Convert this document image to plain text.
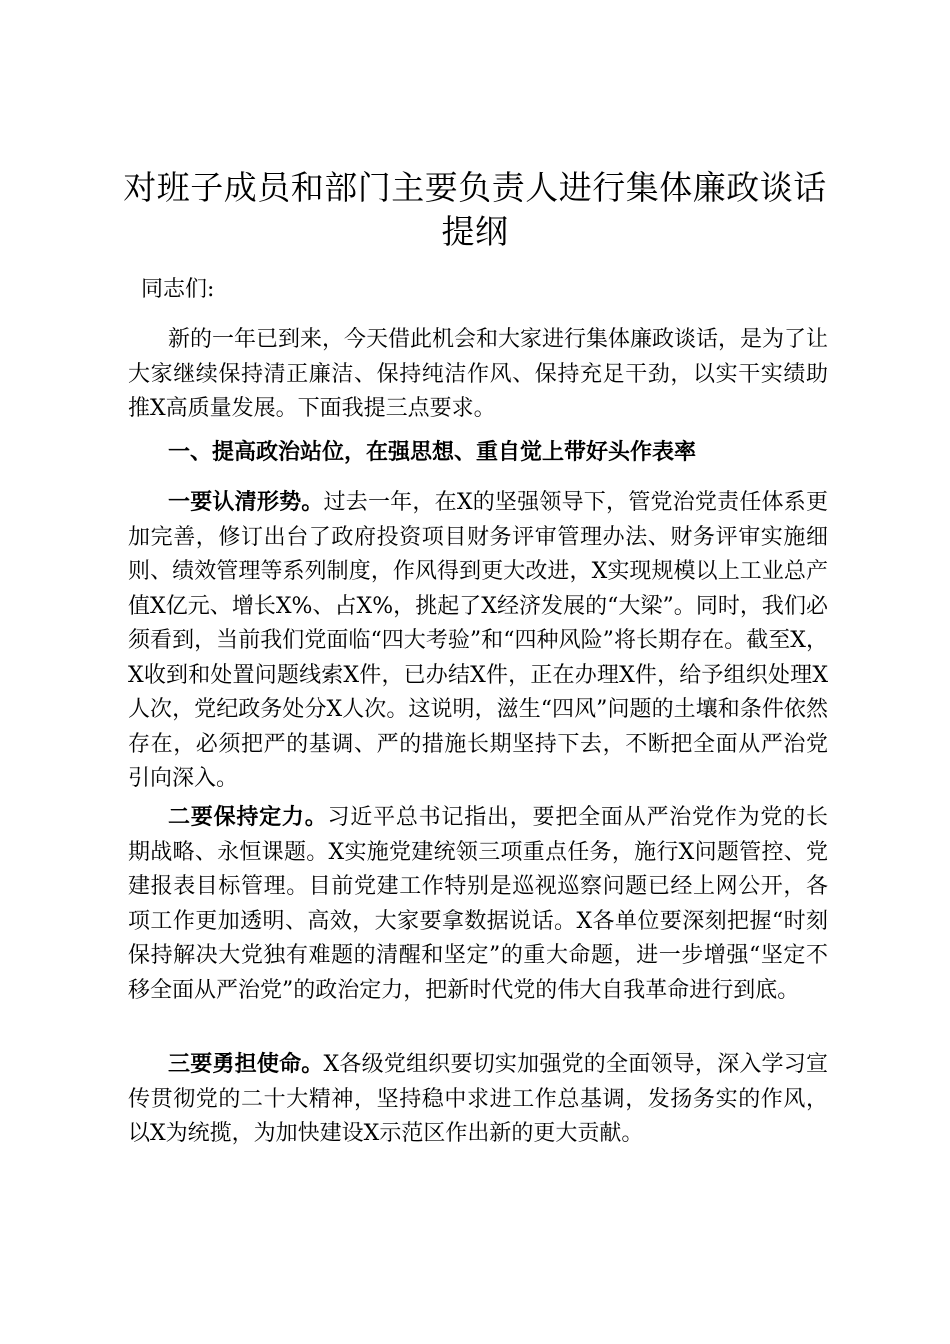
对班子成员和部门主要负责人进行集体廉政谈话提纲

同志们:

新的一年已到来，今天借此机会和大家进行集体廉政谈话，是为了让大家继续保持清正廉洁、保持纯洁作风、保持充足干劲，以实干实绩助推X高质量发展。下面我提三点要求。

一、提高政治站位，在强思想、重自觉上带好头作表率

一要认清形势。过去一年，在X的坚强领导下，管党治党责任体系更加完善，修订出台了政府投资项目财务评审管理办法、财务评审实施细则、绩效管理等系列制度，作风得到更大改进，X实现规模以上工业总产值X亿元、增长X%、占X%，挑起了X经济发展的“大梁”。同时，我们必须看到，当前我们党面临“四大考验”和“四种风险”将长期存在。截至X，X收到和处置问题线索X件，已办结X件，正在办理X件，给予组织处理X人次，党纪政务处分X人次。这说明，滋生“四风”问题的土壤和条件依然存在，必须把严的基调、严的措施长期坚持下去，不断把全面从严治党引向深入。

二要保持定力。习近平总书记指出，要把全面从严治党作为党的长期战略、永恒课题。X实施党建统领三项重点任务，施行X问题管控、党建报表目标管理。目前党建工作特别是巡视巡察问题已经上网公开，各项工作更加透明、高效，大家要拿数据说话。X各单位要深刻把握“时刻保持解决大党独有难题的清醒和坚定”的重大命题，进一步增强“坚定不移全面从严治党”的政治定力，把新时代党的伟大自我革命进行到底。

三要勇担使命。X各级党组织要切实加强党的全面领导，深入学习宣传贯彻党的二十大精神，坚持稳中求进工作总基调，发扬务实的作风，以X为统揽，为加快建设X示范区作出新的更大贡献。
